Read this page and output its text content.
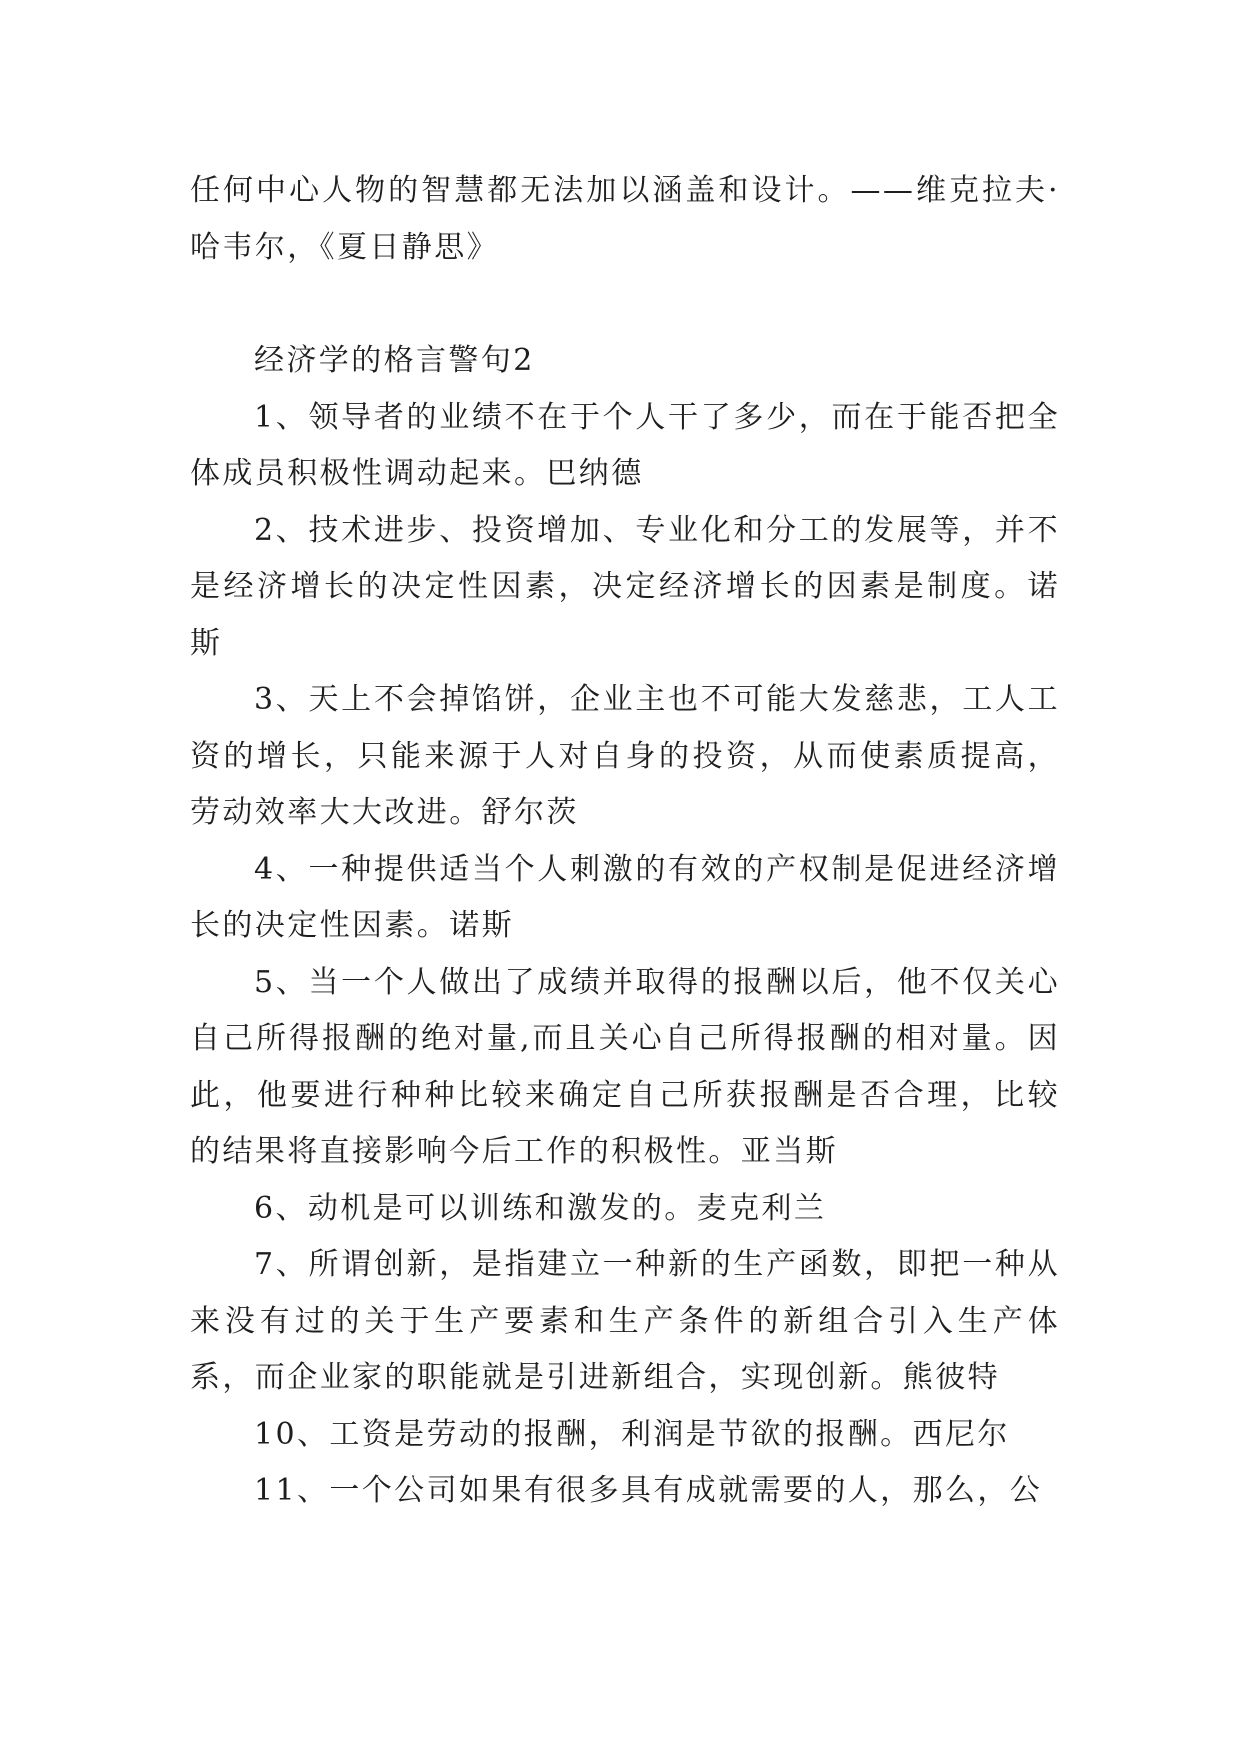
任何中心人物的智慧都无法加以涵盖和设计。——维克拉夫·哈韦尔，《夏日静思》

经济学的格言警句2

1、领导者的业绩不在于个人干了多少，而在于能否把全体成员积极性调动起来。巴纳德

2、技术进步、投资增加、专业化和分工的发展等，并不是经济增长的决定性因素，决定经济增长的因素是制度。诺斯

3、天上不会掉馅饼，企业主也不可能大发慈悲，工人工资的增长，只能来源于人对自身的投资，从而使素质提高，劳动效率大大改进。舒尔茨

4、一种提供适当个人刺激的有效的产权制是促进经济增长的决定性因素。诺斯

5、当一个人做出了成绩并取得的报酬以后，他不仅关心自己所得报酬的绝对量,而且关心自己所得报酬的相对量。因此，他要进行种种比较来确定自己所获报酬是否合理，比较的结果将直接影响今后工作的积极性。亚当斯

6、动机是可以训练和激发的。麦克利兰

7、所谓创新，是指建立一种新的生产函数，即把一种从来没有过的关于生产要素和生产条件的新组合引入生产体系，而企业家的职能就是引进新组合，实现创新。熊彼特

10、工资是劳动的报酬，利润是节欲的报酬。西尼尔

11、一个公司如果有很多具有成就需要的人，那么，公
